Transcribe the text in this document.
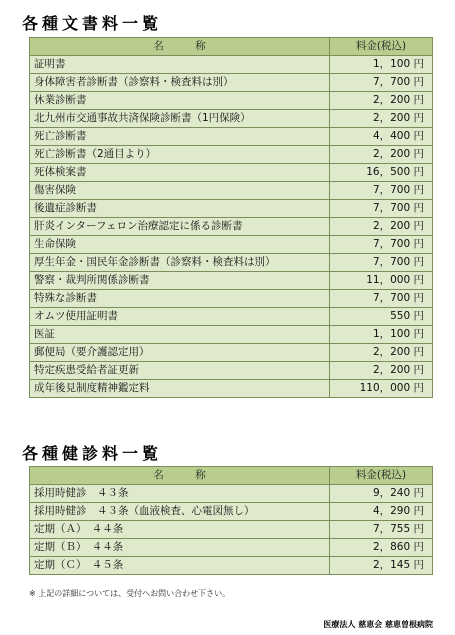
各種文書料一覧
名　　　称	料金(税込)
証明書	1，100 円
身体障害者診断書（診察料・検査料は別）	7，700 円
休業診断書	2，200 円
北九州市交通事故共済保険診断書（1円保険）	2，200 円
死亡診断書	4，400 円
死亡診断書（2通目より）	2，200 円
死体検案書	16，500 円
傷害保険	7，700 円
後遺症診断書	7，700 円
肝炎インターフェロン治療認定に係る診断書	2，200 円
生命保険	7，700 円
厚生年金・国民年金診断書（診察料・検査料は別）	7，700 円
警察・裁判所関係診断書	11，000 円
特殊な診断書	7，700 円
オムツ使用証明書	550 円
医証	1，100 円
郵便局（要介護認定用）	2，200 円
特定疾患受給者証更新	2，200 円
成年後見制度精神鑑定料	110，000 円
各種健診料一覧
名　　　称	料金(税込)
採用時健診　４３条	9，240 円
採用時健診　４３条（血液検査、心電図無し）	4，290 円
定期（Ａ）　４４条	7，755 円
定期（Ｂ）　４４条	2，860 円
定期（Ｃ）　４５条	2，145 円

※ 上記の詳細については、受付へお問い合わせ下さい。

医療法人 慈恵会 慈恵曽根病院
